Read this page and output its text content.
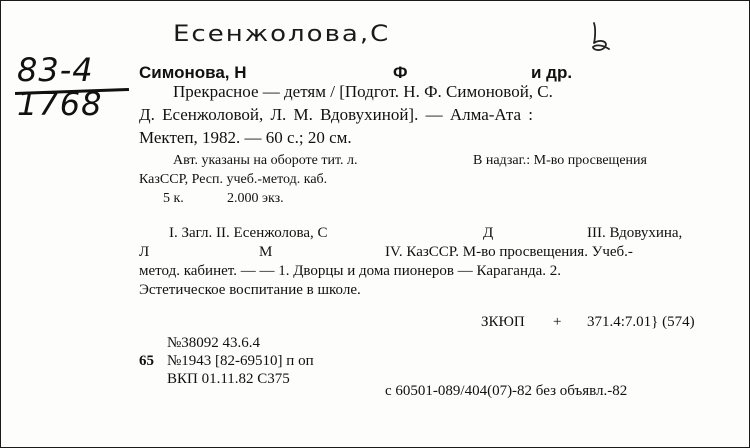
Есенжолова,С
83-4
1768
Симонова, Н	Ф	и др.
Прекрасное — детям / [Подгот. Н. Ф. Симоновой, С.
Д. Есенжоловой, Л. М. Вдовухиной]. — Алма-Ата :
Мектеп, 1982. — 60 с.; 20 см.
Авт. указаны на обороте тит. л.	В надзаг.: М-во просвещения
КазССР, Респ. учеб.-метод. каб.
5 к.	2.000 экз.
I. Загл. II. Есенжолова, С	Д	III. Вдовухина,
Л	М	IV. КазССР. М-во просвещения. Учеб.-
метод. кабинет. — — 1. Дворцы и дома пионеров — Караганда. 2.
Эстетическое воспитание в школе.
ЗКЮП + 371.4:7.01} (574)
№38092 43.6.4
65 №1943 [82-69510] п оп
ВКП 01.11.82 С375
с 60501-089/404(07)-82 без объявл.-82
